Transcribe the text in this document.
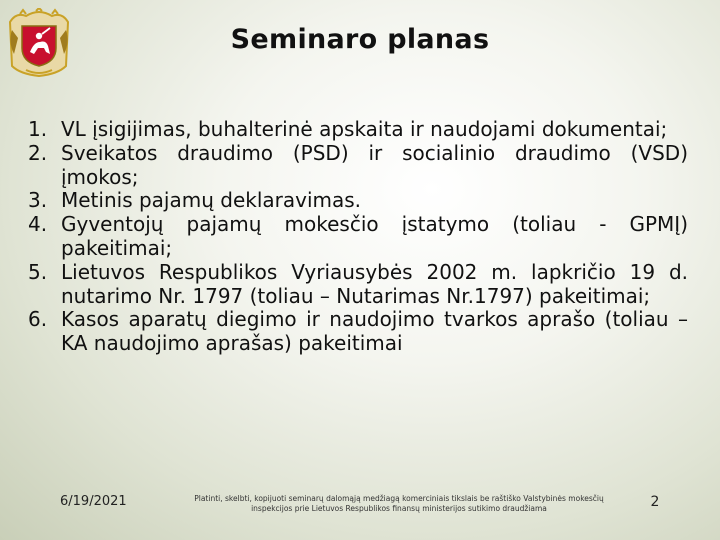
Seminaro planas
1. VL įsigijimas, buhalterinė apskaita ir naudojami dokumentai;
2. Sveikatos draudimo (PSD) ir socialinio draudimo (VSD) įmokos;
3. Metinis pajamų deklaravimas.
4. Gyventojų pajamų mokesčio įstatymo (toliau - GPMĮ) pakeitimai;
5. Lietuvos Respublikos Vyriausybės 2002 m. lapkričio 19 d. nutarimo Nr. 1797 (toliau – Nutarimas Nr.1797) pakeitimai;
6. Kasos aparatų diegimo ir naudojimo tvarkos aprašo (toliau – KA naudojimo aprašas) pakeitimai
6/19/2021	Platinti, skelbti, kopijuoti seminarų dalomąją medžiagą komerciniais tikslais be raštiško Valstybinės mokesčių inspekcijos prie Lietuvos Respublikos finansų ministerijos sutikimo draudžiama	2
